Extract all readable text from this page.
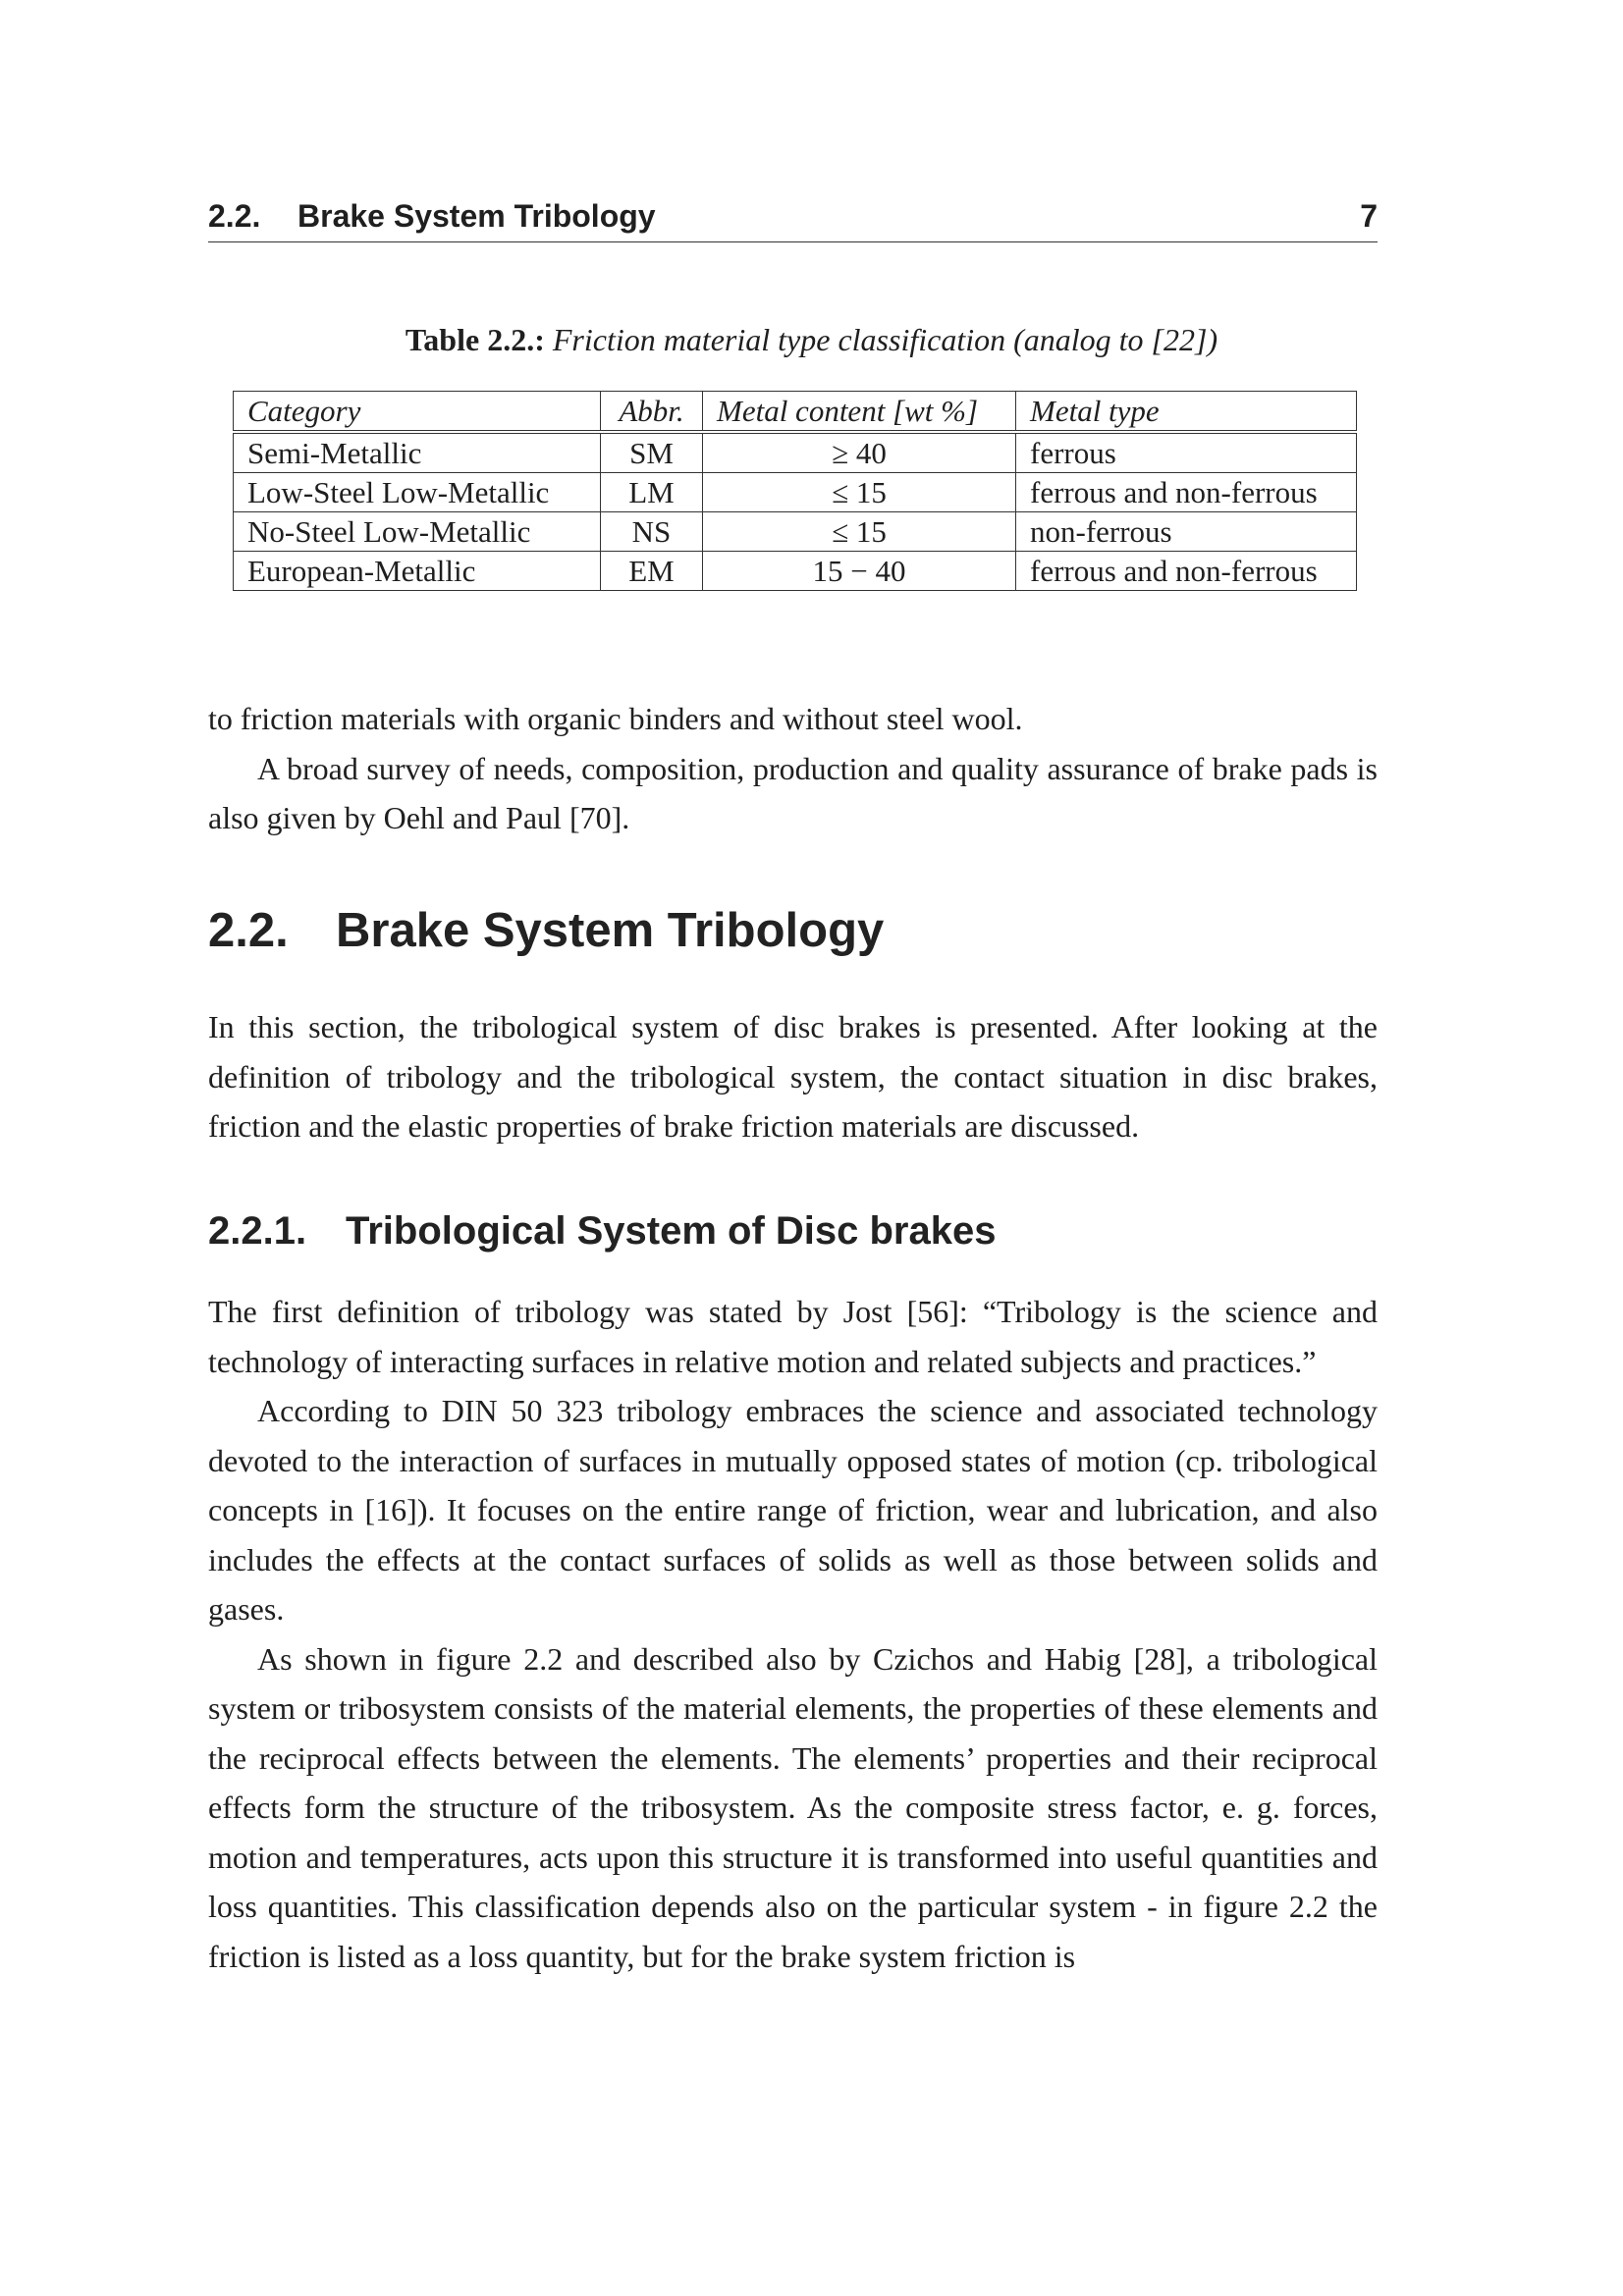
2.2. Brake System Tribology	7
Table 2.2.: Friction material type classification (analog to [22])
Category	Abbr.	Metal content [wt %]	Metal type
Semi-Metallic	SM	≥ 40	ferrous
Low-Steel Low-Metallic	LM	≤ 15	ferrous and non-ferrous
No-Steel Low-Metallic	NS	≤ 15	non-ferrous
European-Metallic	EM	15 − 40	ferrous and non-ferrous

to friction materials with organic binders and without steel wool.

A broad survey of needs, composition, production and quality assurance of brake pads is also given by Oehl and Paul [70].

2.2. Brake System Tribology

In this section, the tribological system of disc brakes is presented. After looking at the definition of tribology and the tribological system, the contact situation in disc brakes, friction and the elastic properties of brake friction materials are discussed.

2.2.1. Tribological System of Disc brakes

The first definition of tribology was stated by Jost [56]: “Tribology is the science and technology of interacting surfaces in relative motion and related subjects and practices.”

According to DIN 50 323 tribology embraces the science and associated technology devoted to the interaction of surfaces in mutually opposed states of motion (cp. tribological concepts in [16]). It focuses on the entire range of friction, wear and lubrication, and also includes the effects at the contact surfaces of solids as well as those between solids and gases.

As shown in figure 2.2 and described also by Czichos and Habig [28], a tribological system or tribosystem consists of the material elements, the properties of these elements and the reciprocal effects between the elements. The elements’ properties and their reciprocal effects form the structure of the tribosystem. As the composite stress factor, e. g. forces, motion and temperatures, acts upon this structure it is transformed into useful quantities and loss quantities. This classification depends also on the particular system - in figure 2.2 the friction is listed as a loss quantity, but for the brake system friction is
